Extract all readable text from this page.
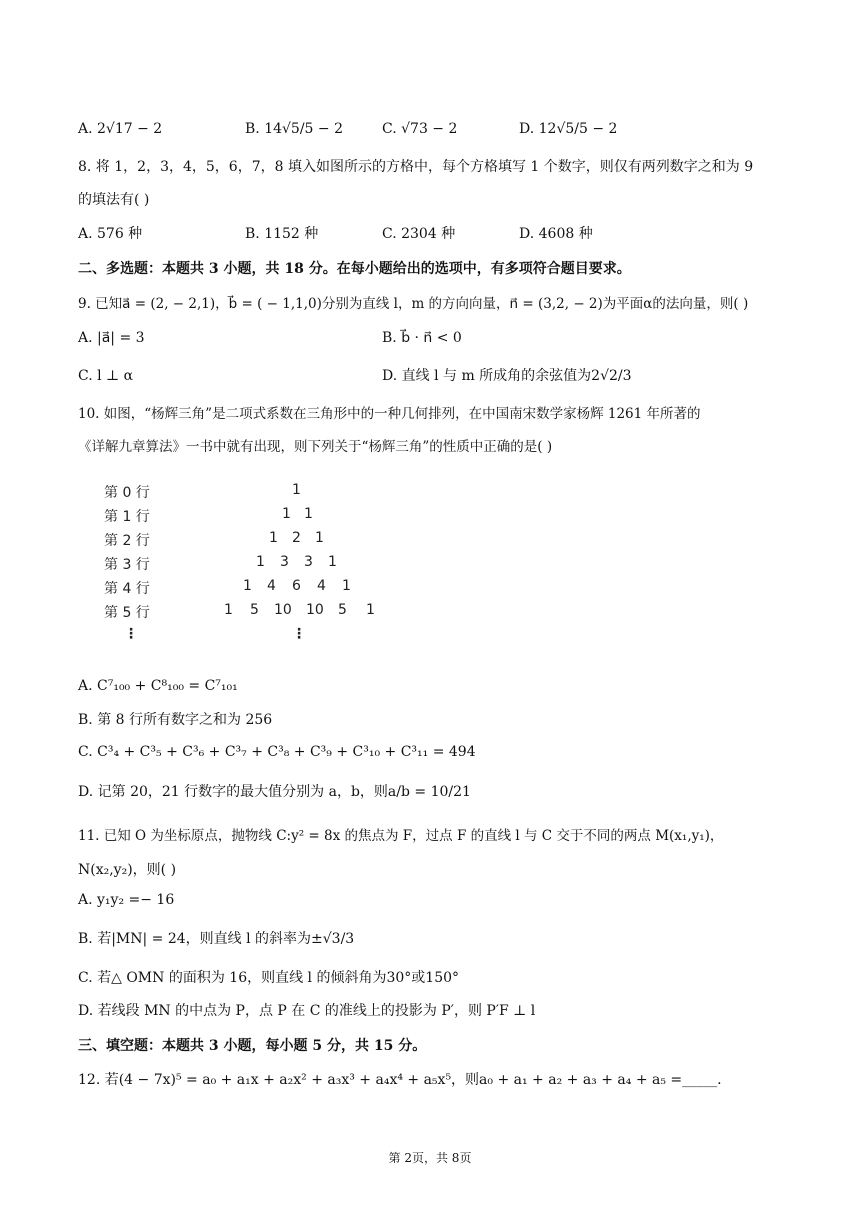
A. 2√17 − 2	B. 14√5/5 − 2	C. √73 − 2	D. 12√5/5 − 2
8. 将 1，2，3，4，5，6，7，8 填入如图所示的方格中，每个方格填写 1 个数字，则仅有两列数字之和为 9
的填法有( )
A. 576 种	B. 1152 种	C. 2304 种	D. 4608 种
二、多选题：本题共 3 小题，共 18 分。在每小题给出的选项中，有多项符合题目要求。
9. 已知a⃗ = (2, − 2,1)，b⃗ = ( − 1,1,0)分别为直线 l，m 的方向向量，n⃗ = (3,2, − 2)为平面α的法向量，则( )
A. |a⃗| = 3	B. b⃗ · n⃗ < 0
C. l ⊥ α	D. 直线 l 与 m 所成角的余弦值为2√2/3
10. 如图，“杨辉三角”是二项式系数在三角形中的一种几何排列，在中国南宋数学家杨辉 1261 年所著的
《详解九章算法》一书中就有出现，则下列关于“杨辉三角”的性质中正确的是( )
第 0 行	1
第 1 行	1 1
第 2 行	1 2 1
第 3 行	1 3 3 1
第 4 行	1 4 6 4 1
第 5 行	1 5 10 10 5 1
⋮	⋮
A. C⁷₁₀₀ + C⁸₁₀₀ = C⁷₁₀₁
B. 第 8 行所有数字之和为 256
C. C³₄ + C³₅ + C³₆ + C³₇ + C³₈ + C³₉ + C³₁₀ + C³₁₁ = 494
D. 记第 20，21 行数字的最大值分别为 a，b，则a/b = 10/21
11. 已知 O 为坐标原点，抛物线 C:y² = 8x 的焦点为 F，过点 F 的直线 l 与 C 交于不同的两点 M(x₁,y₁)，
N(x₂,y₂)，则( )
A. y₁y₂ =− 16
B. 若|MN| = 24，则直线 l 的斜率为±√3/3
C. 若△ OMN 的面积为 16，则直线 l 的倾斜角为30°或150°
D. 若线段 MN 的中点为 P，点 P 在 C 的准线上的投影为 P′，则 P′F ⊥ l
三、填空题：本题共 3 小题，每小题 5 分，共 15 分。
12. 若(4 − 7x)⁵ = a₀ + a₁x + a₂x² + a₃x³ + a₄x⁴ + a₅x⁵，则a₀ + a₁ + a₂ + a₃ + a₄ + a₅ =_____.
第 2页，共 8页
